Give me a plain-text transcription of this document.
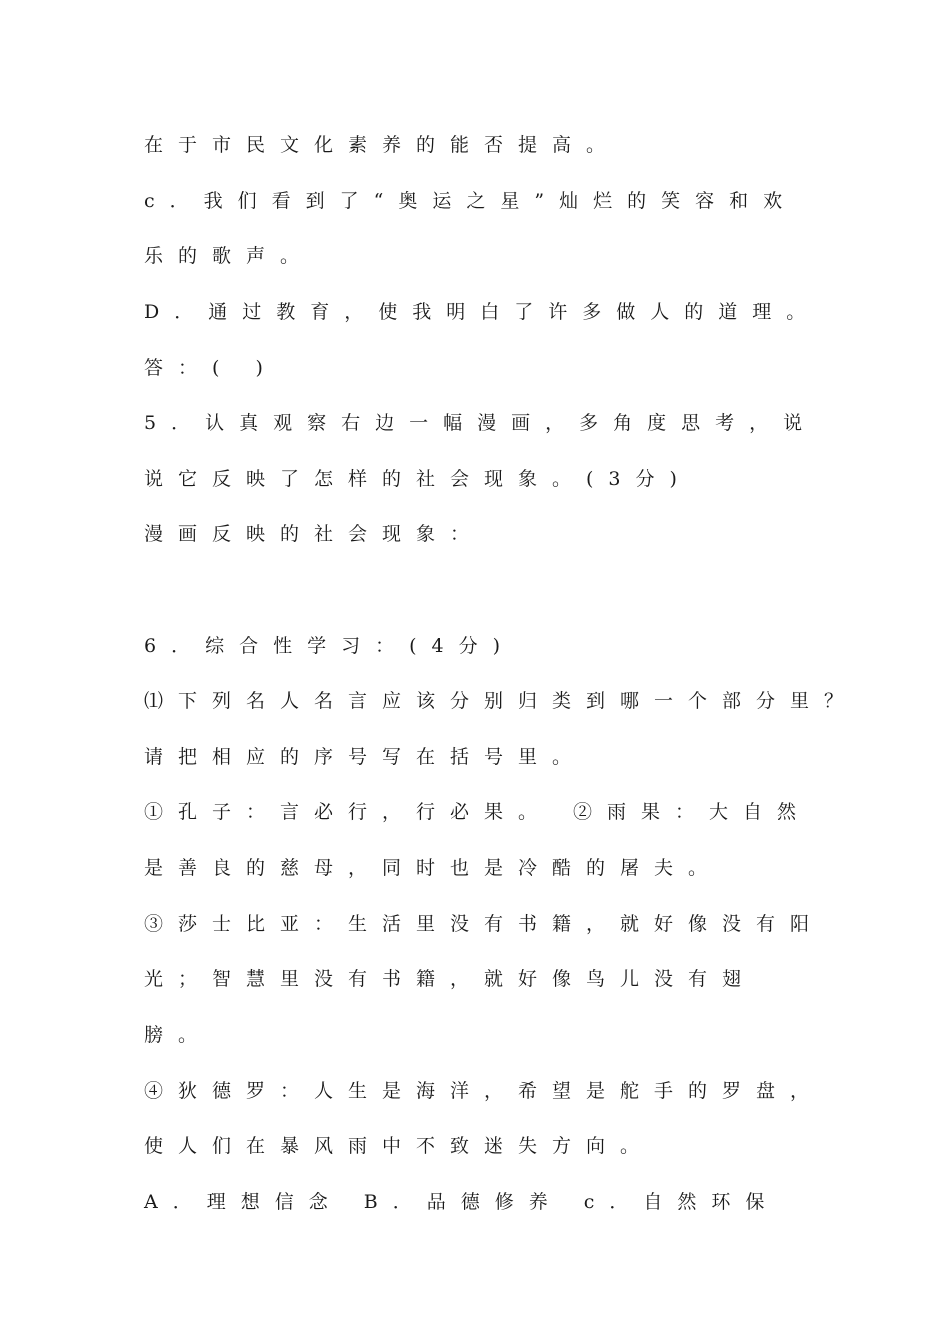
在于市民文化素养的能否提高。
c．我们看到了“奥运之星”灿烂的笑容和欢
乐的歌声。
D．通过教育，使我明白了许多做人的道理。
答：( )
5．认真观察右边一幅漫画，多角度思考，说
说它反映了怎样的社会现象。(3分)
漫画反映的社会现象：
6．综合性学习：(4分)
⑴下列名人名言应该分别归类到哪一个部分里？
请把相应的序号写在括号里。
①孔子：言必行，行必果。 ②雨果：大自然
是善良的慈母，同时也是冷酷的屠夫。
③莎士比亚：生活里没有书籍，就好像没有阳
光；智慧里没有书籍，就好像鸟儿没有翅
膀。
④狄德罗：人生是海洋，希望是舵手的罗盘，
使人们在暴风雨中不致迷失方向。
A．理想信念 B．品德修养 c．自然环保
